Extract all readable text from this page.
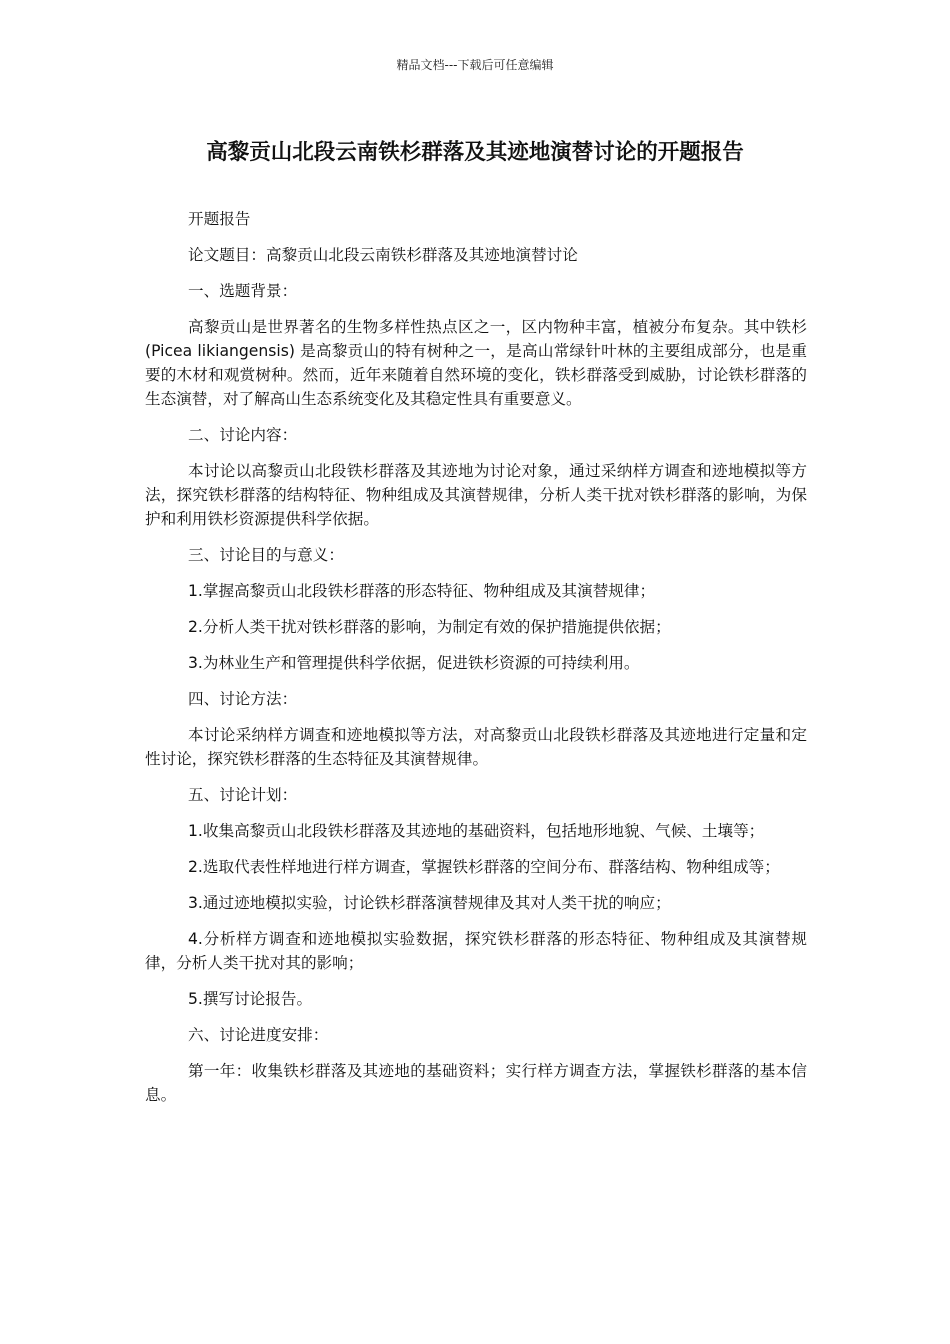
精品文档---下载后可任意编辑
高黎贡山北段云南铁杉群落及其迹地演替讨论的开题报告

开题报告

论文题目：高黎贡山北段云南铁杉群落及其迹地演替讨论

一、选题背景：

高黎贡山是世界著名的生物多样性热点区之一，区内物种丰富，植被分布复杂。其中铁杉 (Picea likiangensis) 是高黎贡山的特有树种之一，是高山常绿针叶林的主要组成部分，也是重要的木材和观赏树种。然而，近年来随着自然环境的变化，铁杉群落受到威胁，讨论铁杉群落的生态演替，对了解高山生态系统变化及其稳定性具有重要意义。

二、讨论内容：

本讨论以高黎贡山北段铁杉群落及其迹地为讨论对象，通过采纳样方调查和迹地模拟等方法，探究铁杉群落的结构特征、物种组成及其演替规律，分析人类干扰对铁杉群落的影响，为保护和利用铁杉资源提供科学依据。

三、讨论目的与意义：

1.掌握高黎贡山北段铁杉群落的形态特征、物种组成及其演替规律；

2.分析人类干扰对铁杉群落的影响，为制定有效的保护措施提供依据；

3.为林业生产和管理提供科学依据，促进铁杉资源的可持续利用。

四、讨论方法：

本讨论采纳样方调查和迹地模拟等方法，对高黎贡山北段铁杉群落及其迹地进行定量和定性讨论，探究铁杉群落的生态特征及其演替规律。

五、讨论计划：

1.收集高黎贡山北段铁杉群落及其迹地的基础资料，包括地形地貌、气候、土壤等；

2.选取代表性样地进行样方调查，掌握铁杉群落的空间分布、群落结构、物种组成等；

3.通过迹地模拟实验，讨论铁杉群落演替规律及其对人类干扰的响应；

4.分析样方调查和迹地模拟实验数据，探究铁杉群落的形态特征、物种组成及其演替规律，分析人类干扰对其的影响；

5.撰写讨论报告。

六、讨论进度安排：

第一年：收集铁杉群落及其迹地的基础资料；实行样方调查方法，掌握铁杉群落的基本信息。
